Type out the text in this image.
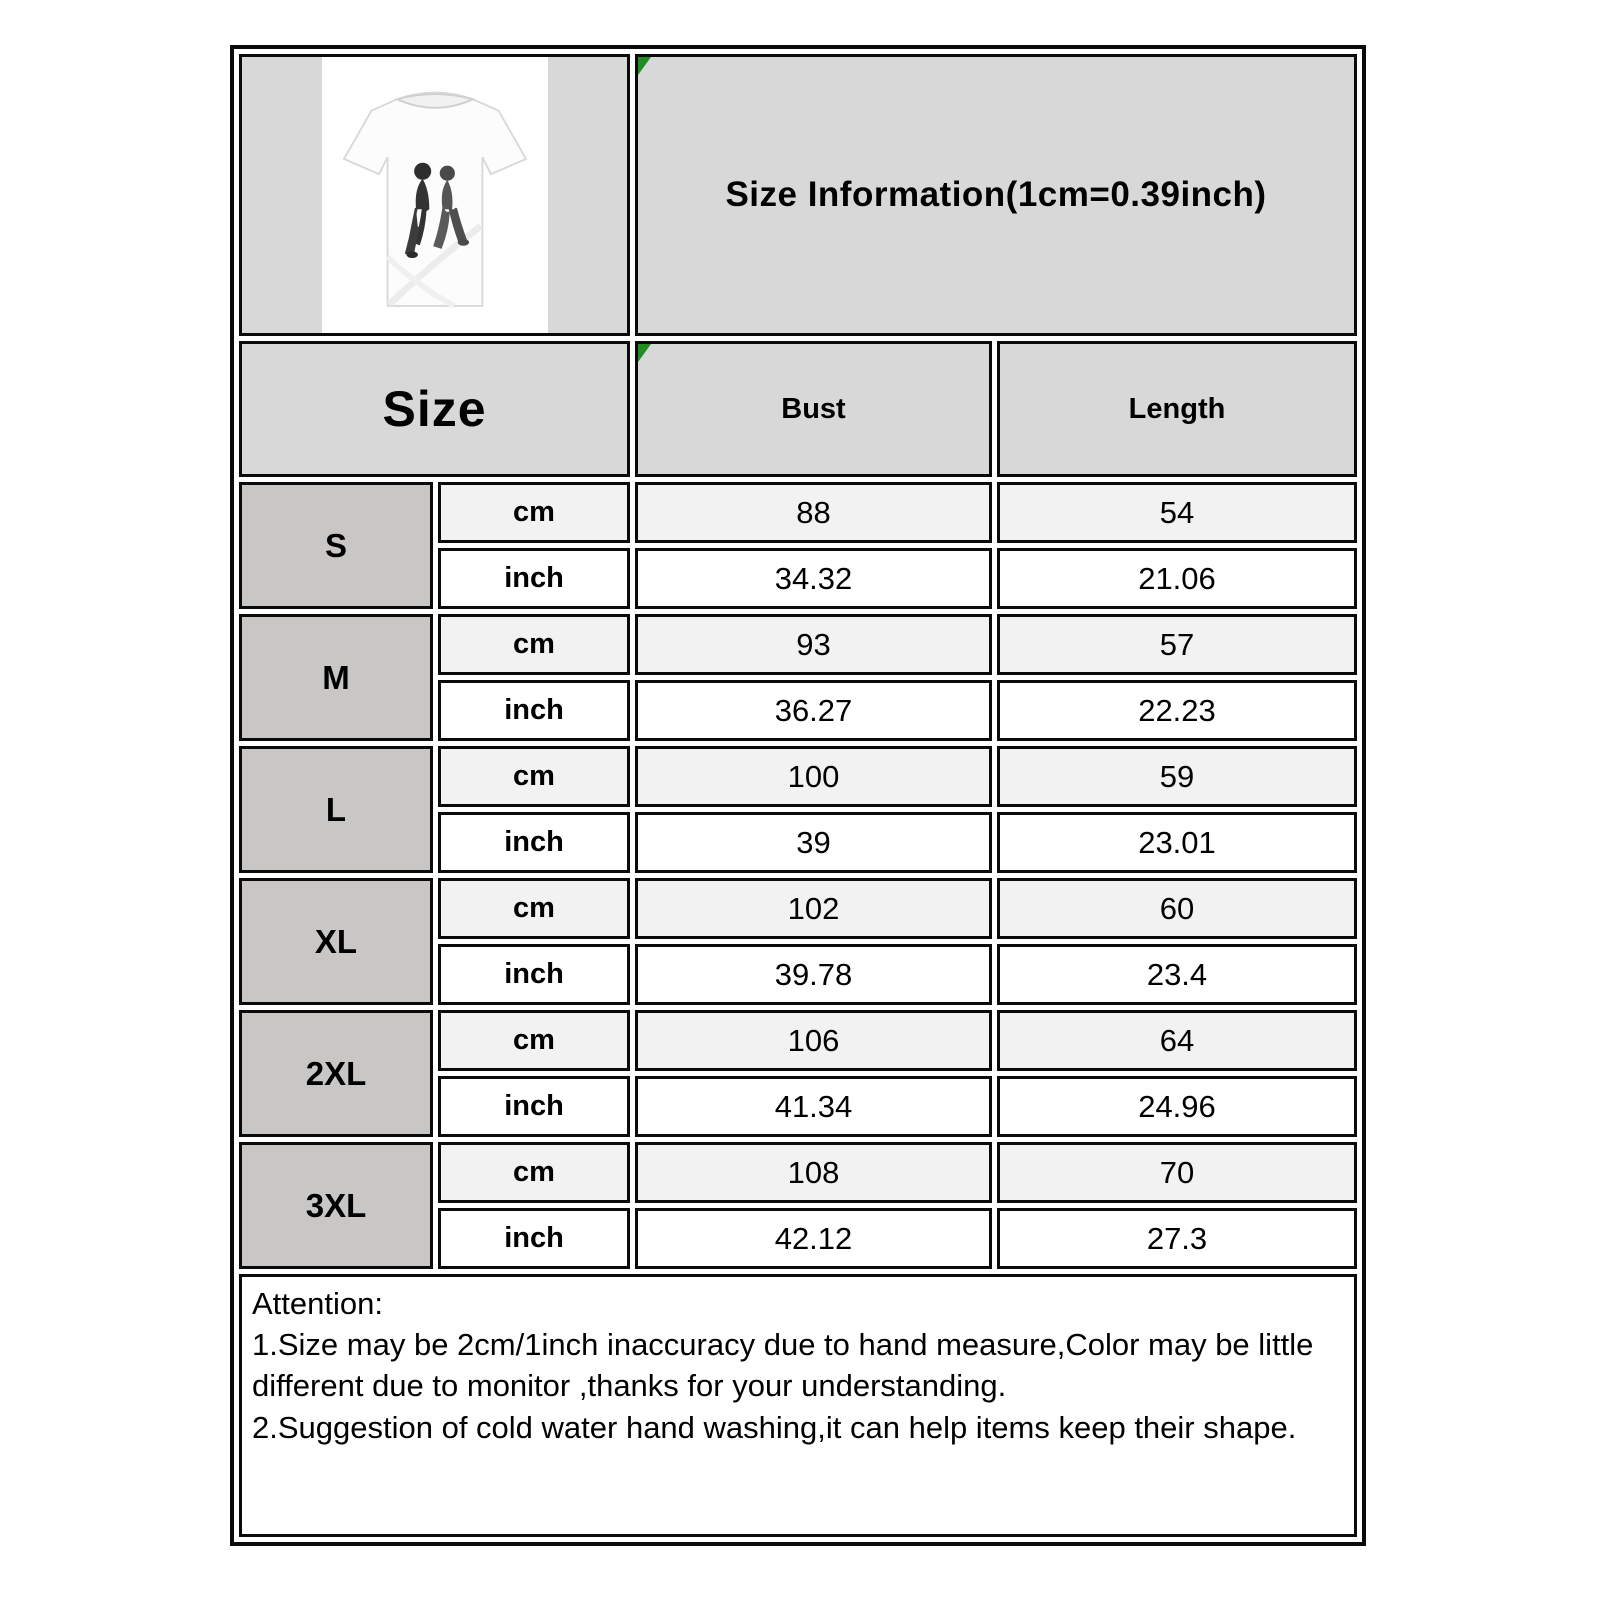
Size Information(1cm=0.39inch)	
Size		Bust	Length
S	cm	88	54
	inch	34.32	21.06
M	cm	93	57
	inch	36.27	22.23
L	cm	100	59
	inch	39	23.01
XL	cm	102	60
	inch	39.78	23.4
2XL	cm	106	64
	inch	41.34	24.96
3XL	cm	108	70
	inch	42.12	27.3

Attention:
1.Size may be 2cm/1inch inaccuracy due to hand measure,Color may be little different due to monitor ,thanks for your understanding.
2.Suggestion of cold water hand washing,it can help items keep their shape.			
